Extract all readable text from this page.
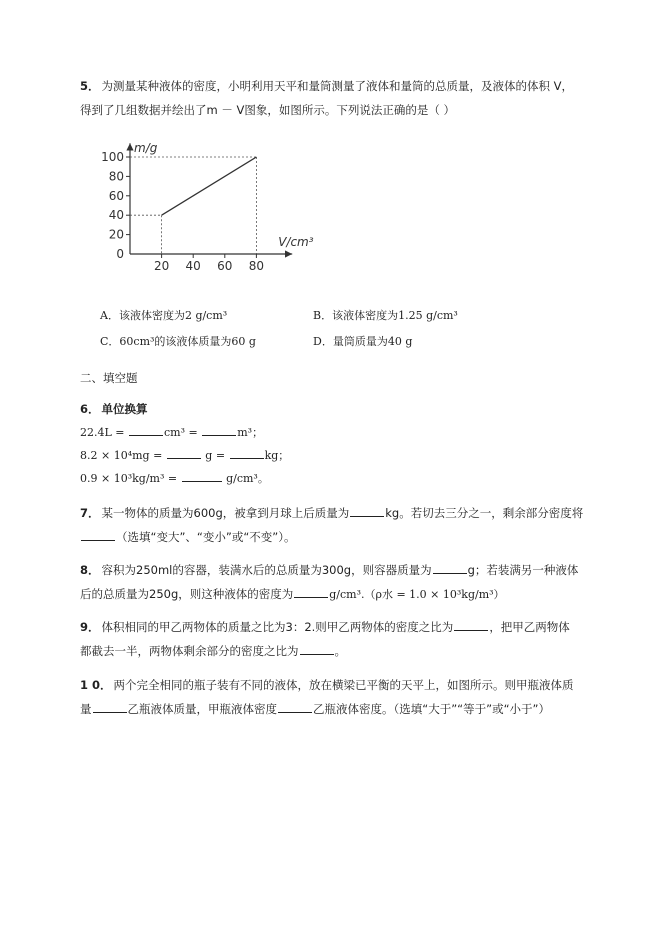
5． 为测量某种液体的密度，小明利用天平和量筒测量了液体和量筒的总质量，及液体的体积 V，
得到了几组数据并绘出了m － V图象，如图所示。下列说法正确的是（ ）
0
20
40
60
80
100
20 40 60 80
m/g
V/cm³
A．该液体密度为2 g/cm³	B．该液体密度为1.25 g/cm³
C．60cm³的该液体质量为60 g	D．量筒质量为40 g
二、填空题
6． 单位换算
22.4L =	cm³ =	m³；
8.2 × 10⁴mg =	g =	kg；
0.9 × 10³kg/m³ =	g/cm³。
7． 某一物体的质量为600g，被拿到月球上后质量为	kg。若切去三分之一，剩余部分密度将
（选填“变大”、“变小”或“不变”）。
8． 容积为250ml的容器，装满水后的总质量为300g，则容器质量为	g；若装满另一种液体
后的总质量为250g，则这种液体的密度为	g/cm³.（ρ水 = 1.0 × 10³kg/m³）
9． 体积相同的甲乙两物体的质量之比为3：2.则甲乙两物体的密度之比为	，把甲乙两物体
都截去一半，两物体剩余部分的密度之比为	。
1 0． 两个完全相同的瓶子装有不同的液体，放在横梁已平衡的天平上，如图所示。则甲瓶液体质
量	乙瓶液体质量，甲瓶液体密度	乙瓶液体密度。（选填“大于”“等于”或“小于”）
